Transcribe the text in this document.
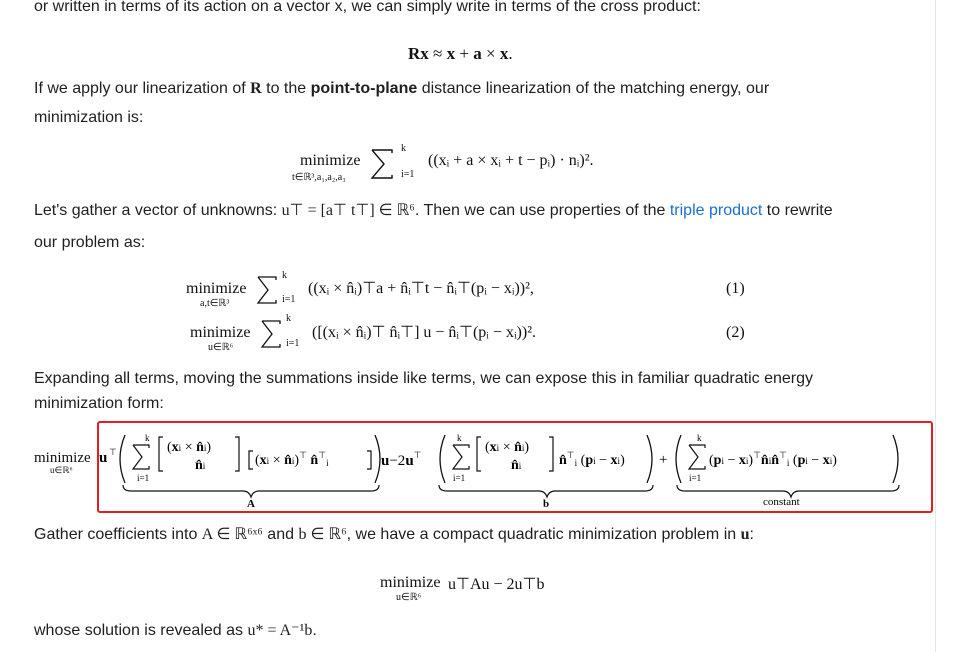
or written in terms of its action on a vector x, we can simply write in terms of the cross product:
Rx ≈ x + a × x.
If we apply our linearization of R to the point-to-plane distance linearization of the matching energy, our
minimization is:
minimize
t∈ℝ³,a₁,a₂,a₃
k
i=1
((xᵢ + a × xᵢ + t − pᵢ) · nᵢ)².
Let's gather a vector of unknowns: u⊤ = [a⊤ t⊤] ∈ ℝ⁶. Then we can use properties of the triple product to rewrite
our problem as:
minimize
a,t∈ℝ³
k
i=1
((xᵢ × n̂ᵢ)⊤a + n̂ᵢ⊤t − n̂ᵢ⊤(pᵢ − xᵢ))²,	(1)
minimize
u∈ℝ⁶
k
i=1
([(xᵢ × n̂ᵢ)⊤ n̂ᵢ⊤] u − n̂ᵢ⊤(pᵢ − xᵢ))².	(2)
Expanding all terms, moving the summations inside like terms, we can expose this in familiar quadratic energy
minimization form:
minimize
u∈ℝ⁶
u ⊤
k
i=1
(xi × n̂i)
n̂i	(xi × n̂i)⊤ $n̂^⊤_i$
A
u−2u⊤
k
i=1
(xi × n̂i)
n̂i	$n̂^⊤_i$ (pi − xi)
b
+
k
i=1
$(pi - xi)^⊤n̂in̂^⊤_i$ (pi − xi)
constant
Gather coefficients into A ∈ ℝ⁶ˣ⁶ and b ∈ ℝ⁶, we have a compact quadratic minimization problem in u:
minimize
u∈ℝ⁶
u⊤Au − 2u⊤b
whose solution is revealed as u* = A⁻¹b.
